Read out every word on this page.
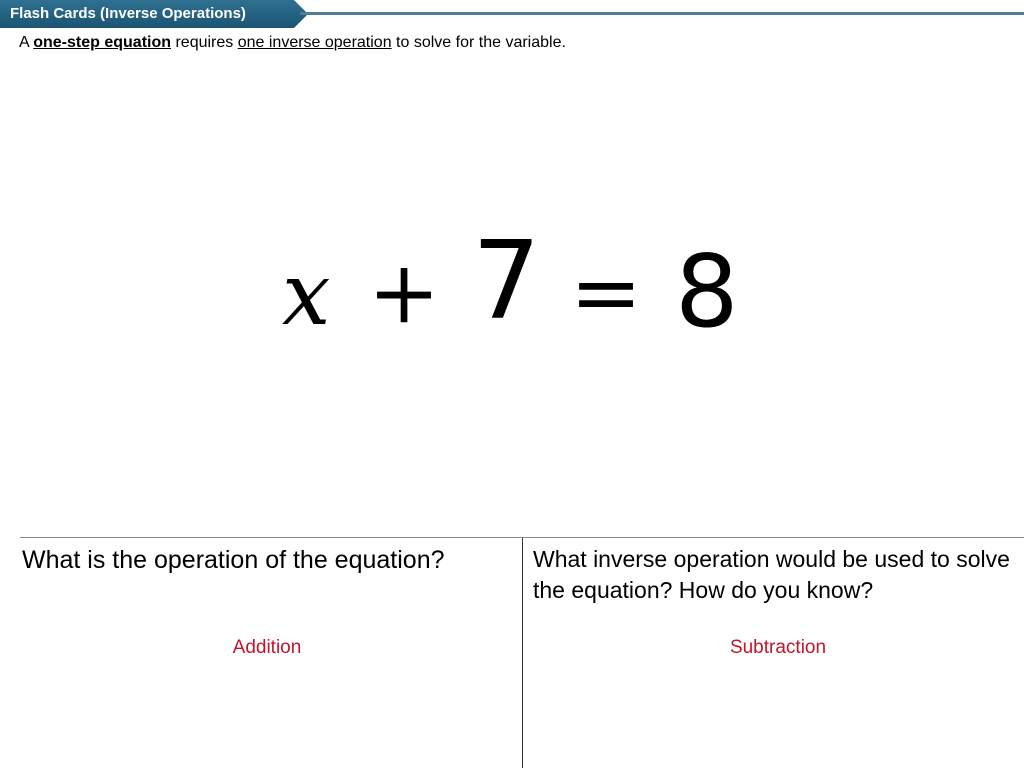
Flash Cards (Inverse Operations)
A one-step equation requires one inverse operation to solve for the variable.
x + 7 = 8
What is the operation of the equation?	What inverse operation would be used to solve the equation? How do you know?
Addition	Subtraction
